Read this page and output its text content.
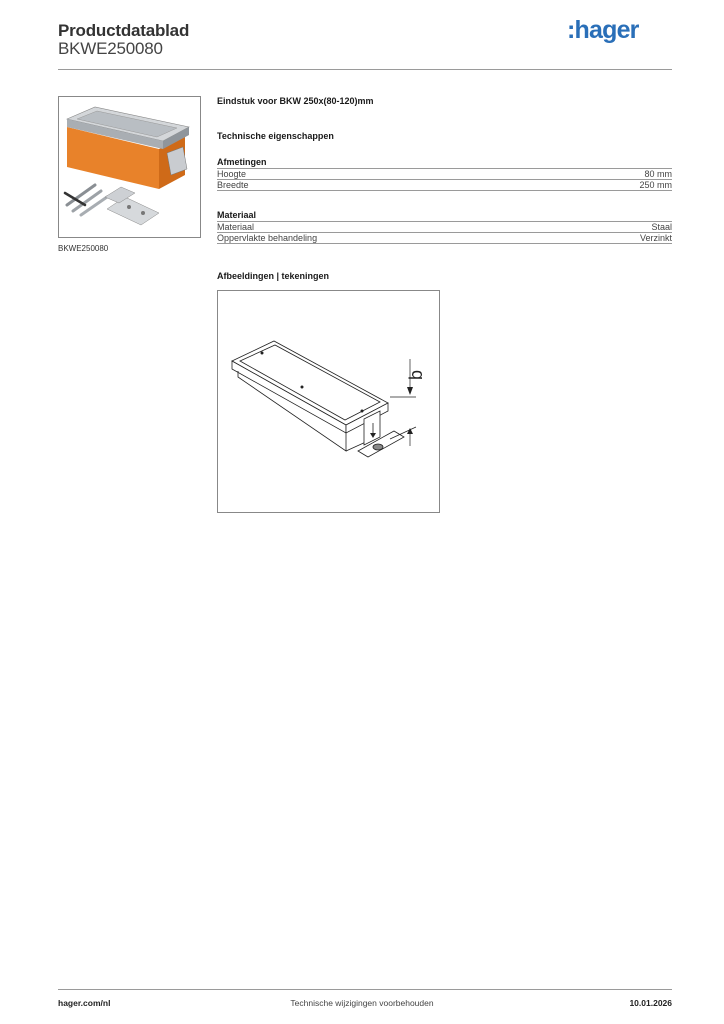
Productdatablad
BKWE250080
:hager
BKWE250080
Eindstuk voor BKW 250x(80-120)mm
Technische eigenschappen
Afmetingen
Hoogte	80 mm
Breedte	250 mm
Materiaal
Materiaal	Staal
Oppervlakte behandeling	Verzinkt
Afbeeldingen | tekeningen
b
hager.com/nl	Technische wijzigingen voorbehouden	10.01.2026
